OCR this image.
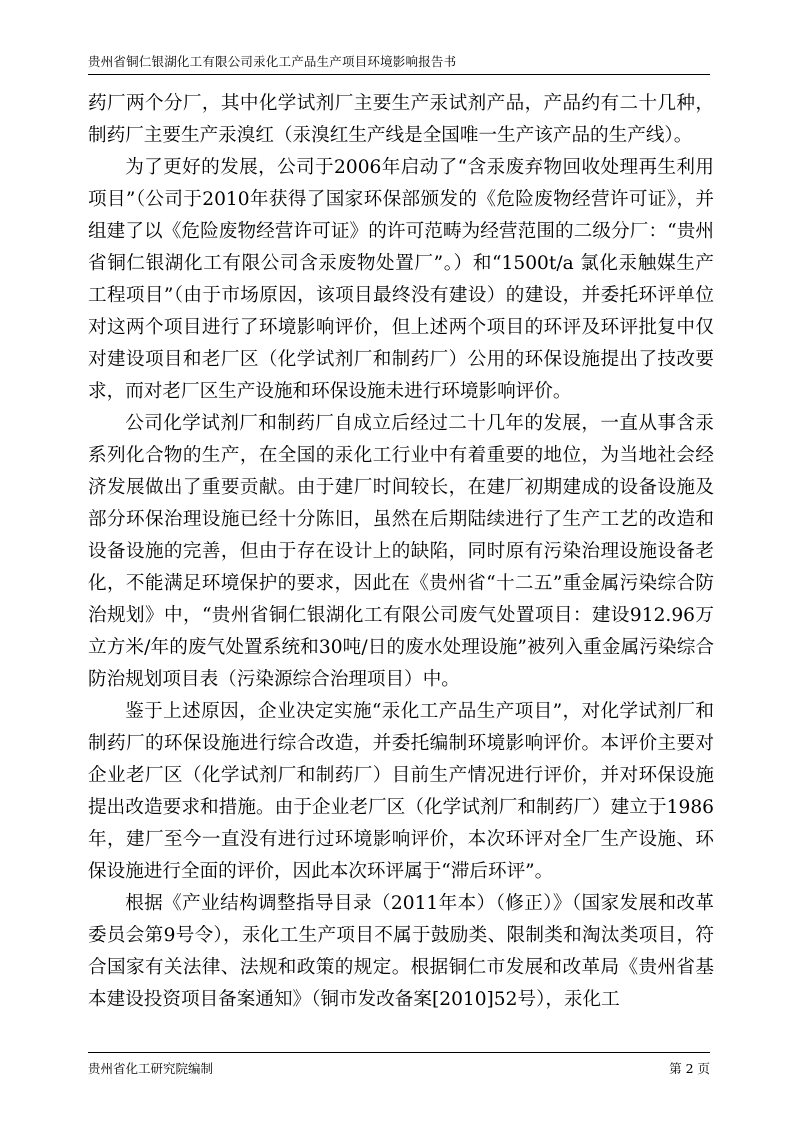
贵州省铜仁银湖化工有限公司汞化工产品生产项目环境影响报告书

药厂两个分厂，其中化学试剂厂主要生产汞试剂产品，产品约有二十几种，制药厂主要生产汞溴红（汞溴红生产线是全国唯一生产该产品的生产线）。

为了更好的发展，公司于2006年启动了“含汞废弃物回收处理再生利用项目”（公司于2010年获得了国家环保部颁发的《危险废物经营许可证》，并组建了以《危险废物经营许可证》的许可范畴为经营范围的二级分厂：“贵州省铜仁银湖化工有限公司含汞废物处置厂”。）和“1500t/a 氯化汞触媒生产工程项目”（由于市场原因，该项目最终没有建设）的建设，并委托环评单位对这两个项目进行了环境影响评价，但上述两个项目的环评及环评批复中仅对建设项目和老厂区（化学试剂厂和制药厂）公用的环保设施提出了技改要求，而对老厂区生产设施和环保设施未进行环境影响评价。

公司化学试剂厂和制药厂自成立后经过二十几年的发展，一直从事含汞系列化合物的生产，在全国的汞化工行业中有着重要的地位，为当地社会经济发展做出了重要贡献。由于建厂时间较长，在建厂初期建成的设备设施及部分环保治理设施已经十分陈旧，虽然在后期陆续进行了生产工艺的改造和设备设施的完善，但由于存在设计上的缺陷，同时原有污染治理设施设备老化，不能满足环境保护的要求，因此在《贵州省“十二五”重金属污染综合防治规划》中，“贵州省铜仁银湖化工有限公司废气处置项目：建设912.96万立方米/年的废气处置系统和30吨/日的废水处理设施”被列入重金属污染综合防治规划项目表（污染源综合治理项目）中。

鉴于上述原因，企业决定实施“汞化工产品生产项目”，对化学试剂厂和制药厂的环保设施进行综合改造，并委托编制环境影响评价。本评价主要对企业老厂区（化学试剂厂和制药厂）目前生产情况进行评价，并对环保设施提出改造要求和措施。由于企业老厂区（化学试剂厂和制药厂）建立于1986年，建厂至今一直没有进行过环境影响评价，本次环评对全厂生产设施、环保设施进行全面的评价，因此本次环评属于“滞后环评”。

根据《产业结构调整指导目录（2011年本）（修正）》（国家发展和改革委员会第9号令），汞化工生产项目不属于鼓励类、限制类和淘汰类项目，符合国家有关法律、法规和政策的规定。根据铜仁市发展和改革局《贵州省基本建设投资项目备案通知》（铜市发改备案[2010]52号），汞化工

贵州省化工研究院编制	第 2 页
